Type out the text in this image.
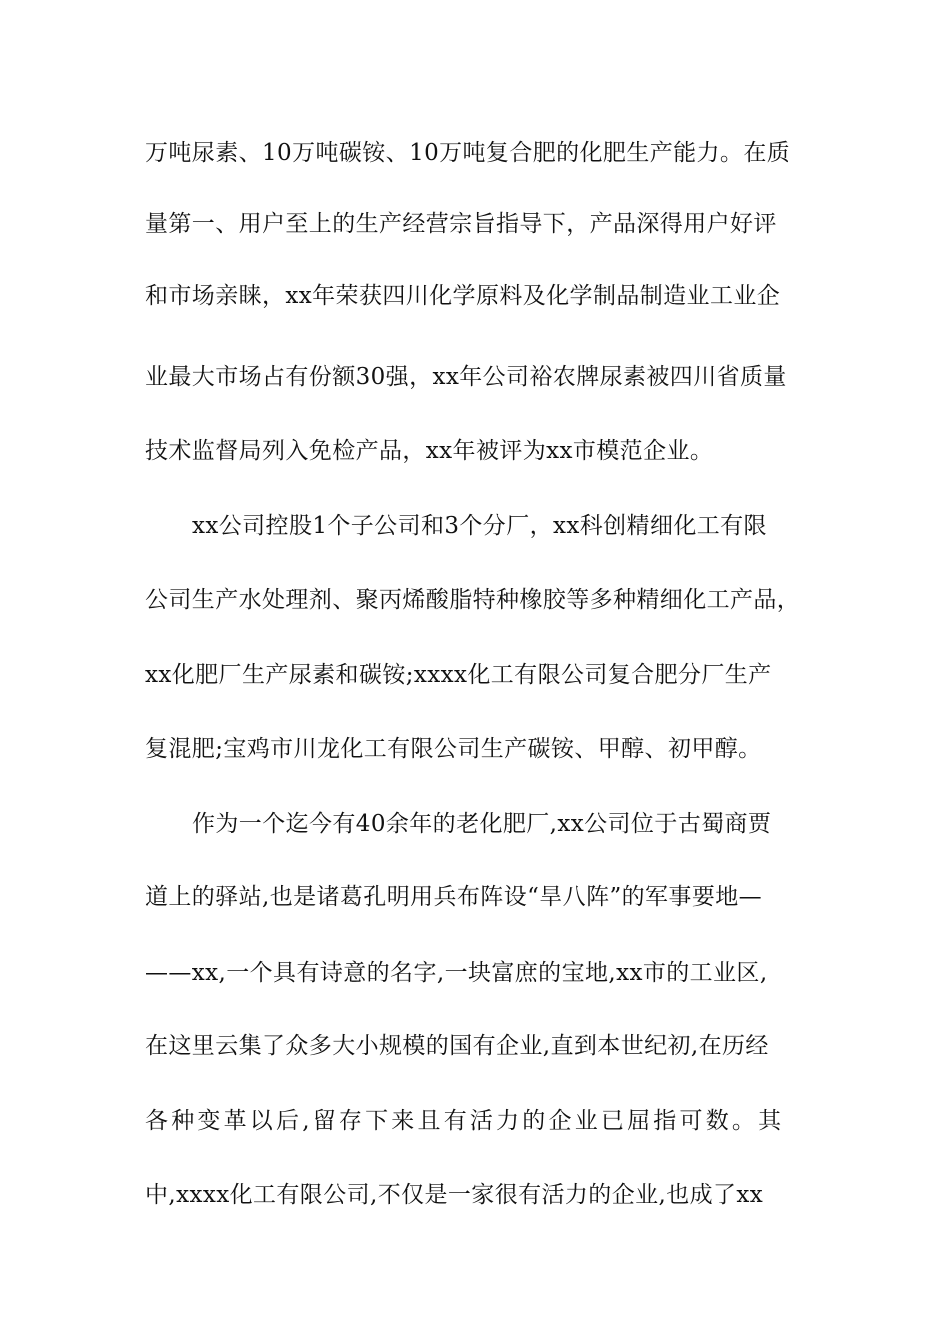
万吨尿素、10万吨碳铵、10万吨复合肥的化肥生产能力。在质
量第一、用户至上的生产经营宗旨指导下，产品深得用户好评
和市场亲睐，xx年荣获四川化学原料及化学制品制造业工业企
业最大市场占有份额30强，xx年公司裕农牌尿素被四川省质量
技术监督局列入免检产品，xx年被评为xx市模范企业。
xx公司控股1个子公司和3个分厂，xx科创精细化工有限
公司生产水处理剂、聚丙烯酸脂特种橡胶等多种精细化工产品，
xx化肥厂生产尿素和碳铵;xxxx化工有限公司复合肥分厂生产
复混肥;宝鸡市川龙化工有限公司生产碳铵、甲醇、初甲醇。
作为一个迄今有40余年的老化肥厂,xx公司位于古蜀商贾
道上的驿站,也是诸葛孔明用兵布阵设“旱八阵”的军事要地—
——xx,一个具有诗意的名字,一块富庶的宝地,xx市的工业区,
在这里云集了众多大小规模的国有企业,直到本世纪初,在历经
各种变革以后,留存下来且有活力的企业已屈指可数。其
中,xxxx化工有限公司,不仅是一家很有活力的企业,也成了xx
